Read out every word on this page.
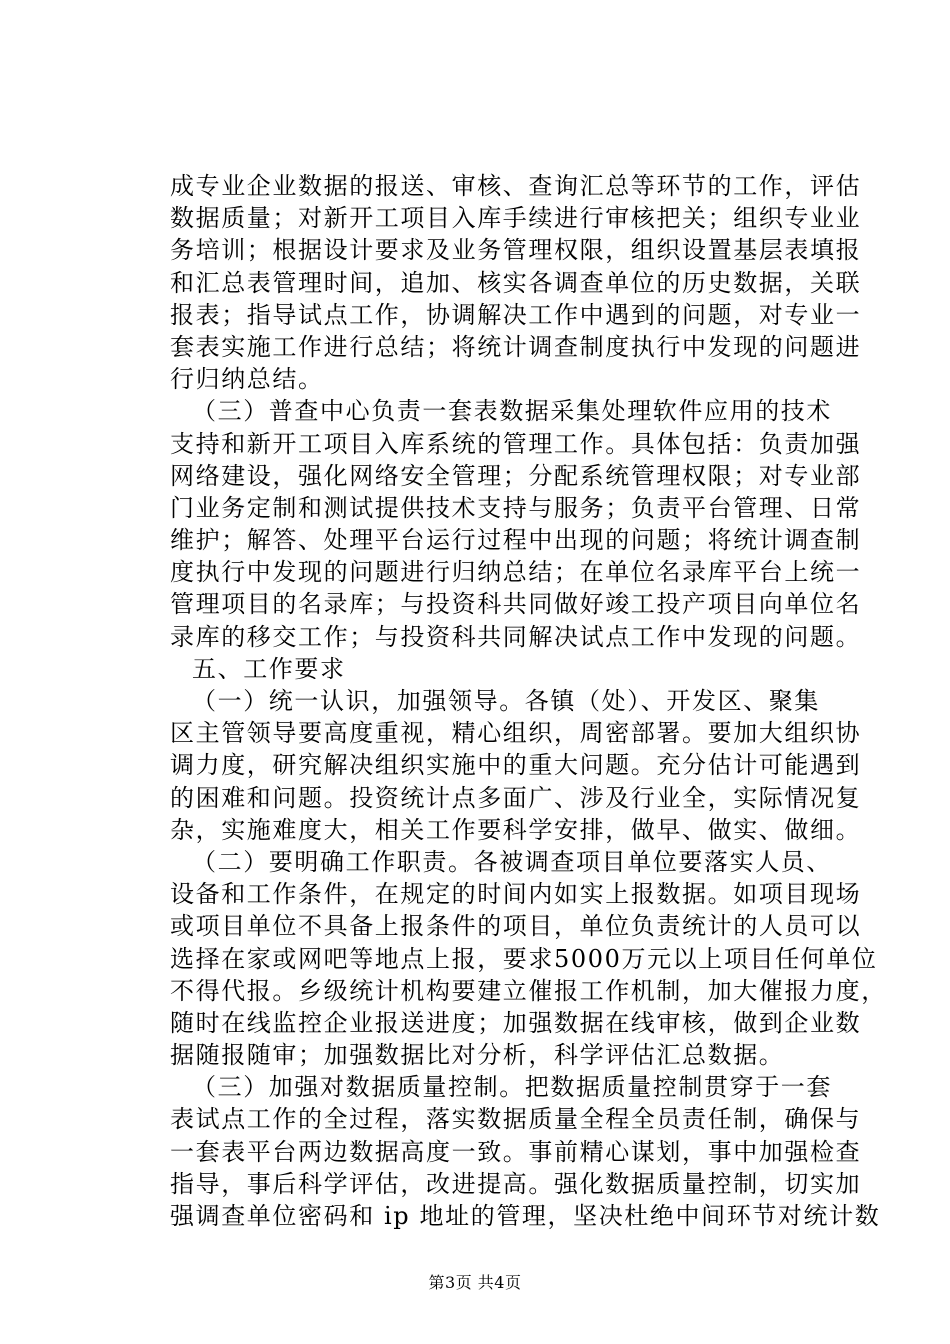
成专业企业数据的报送、审核、查询汇总等环节的工作，评估
数据质量；对新开工项目入库手续进行审核把关；组织专业业
务培训；根据设计要求及业务管理权限，组织设置基层表填报
和汇总表管理时间，追加、核实各调查单位的历史数据，关联
报表；指导试点工作，协调解决工作中遇到的问题，对专业一
套表实施工作进行总结；将统计调查制度执行中发现的问题进
行归纳总结。
（三）普查中心负责一套表数据采集处理软件应用的技术
支持和新开工项目入库系统的管理工作。具体包括：负责加强
网络建设，强化网络安全管理；分配系统管理权限；对专业部
门业务定制和测试提供技术支持与服务；负责平台管理、日常
维护；解答、处理平台运行过程中出现的问题；将统计调查制
度执行中发现的问题进行归纳总结；在单位名录库平台上统一
管理项目的名录库；与投资科共同做好竣工投产项目向单位名
录库的移交工作；与投资科共同解决试点工作中发现的问题。
五、工作要求
（一）统一认识，加强领导。各镇（处）、开发区、聚集
区主管领导要高度重视，精心组织，周密部署。要加大组织协
调力度，研究解决组织实施中的重大问题。充分估计可能遇到
的困难和问题。投资统计点多面广、涉及行业全，实际情况复
杂，实施难度大，相关工作要科学安排，做早、做实、做细。
（二）要明确工作职责。各被调查项目单位要落实人员、
设备和工作条件，在规定的时间内如实上报数据。如项目现场
或项目单位不具备上报条件的项目，单位负责统计的人员可以
选择在家或网吧等地点上报，要求5000万元以上项目任何单位
不得代报。乡级统计机构要建立催报工作机制，加大催报力度，
随时在线监控企业报送进度；加强数据在线审核，做到企业数
据随报随审；加强数据比对分析，科学评估汇总数据。
（三）加强对数据质量控制。把数据质量控制贯穿于一套
表试点工作的全过程，落实数据质量全程全员责任制，确保与
一套表平台两边数据高度一致。事前精心谋划，事中加强检查
指导，事后科学评估，改进提高。强化数据质量控制，切实加
强调查单位密码和 ip 地址的管理，坚决杜绝中间环节对统计数
第3页 共4页
